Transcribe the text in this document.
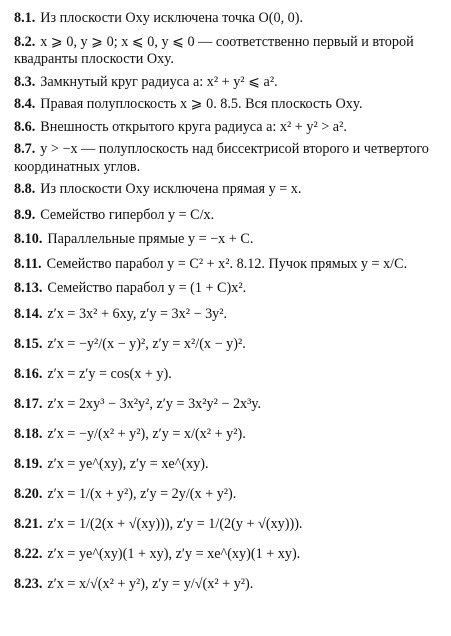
8.1. Из плоскости Oxy исключена точка O(0, 0).

8.2. x ⩾ 0, y ⩾ 0; x ⩽ 0, y ⩽ 0 — соответственно первый и второй квадранты плоскости Oxy.

8.3. Замкнутый круг радиуса a: x² + y² ⩽ a².

8.4. Правая полуплоскость x ⩾ 0. 8.5. Вся плоскость Oxy.

8.6. Внешность открытого круга радиуса a: x² + y² > a².

8.7. y > −x — полуплоскость над биссектрисой второго и четвертого координатных углов.

8.8. Из плоскости Oxy исключена прямая y = x.

8.9. Семейство гипербол y = C/x.

8.10. Параллельные прямые y = −x + C.

8.11. Семейство парабол y = C² + x². 8.12. Пучок прямых y = x/C.

8.13. Семейство парабол y = (1 + C)x².

8.14. z′x = 3x² + 6xy, z′y = 3x² − 3y².

8.15. z′x = −y²/(x − y)², z′y = x²/(x − y)².

8.16. z′x = z′y = cos(x + y).

8.17. z′x = 2xy³ − 3x²y², z′y = 3x²y² − 2x³y.

8.18. z′x = −y/(x² + y²), z′y = x/(x² + y²).

8.19. z′x = ye^(xy), z′y = xe^(xy).

8.20. z′x = 1/(x + y²), z′y = 2y/(x + y²).

8.21. z′x = 1/(2(x + √(xy))), z′y = 1/(2(y + √(xy))).

8.22. z′x = ye^(xy)(1 + xy), z′y = xe^(xy)(1 + xy).

8.23. z′x = x/√(x² + y²), z′y = y/√(x² + y²).
